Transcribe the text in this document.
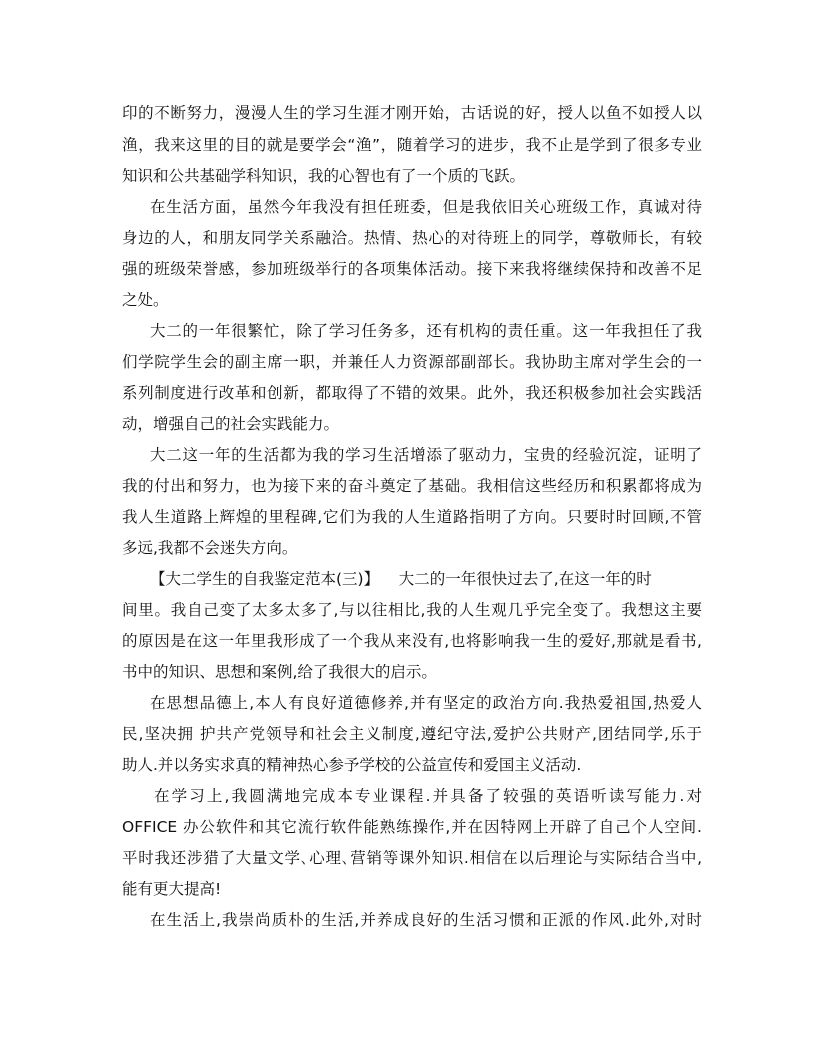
印的不断努力，漫漫人生的学习生涯才刚开始，古话说的好，授人以鱼不如授人以
渔，我来这里的目的就是要学会“渔”，随着学习的进步，我不止是学到了很多专业
知识和公共基础学科知识，我的心智也有了一个质的飞跃。
在生活方面，虽然今年我没有担任班委，但是我依旧关心班级工作，真诚对待
身边的人，和朋友同学关系融洽。热情、热心的对待班上的同学，尊敬师长，有较
强的班级荣誉感，参加班级举行的各项集体活动。接下来我将继续保持和改善不足
之处。
大二的一年很繁忙，除了学习任务多，还有机构的责任重。这一年我担任了我
们学院学生会的副主席一职，并兼任人力资源部副部长。我协助主席对学生会的一
系列制度进行改革和创新，都取得了不错的效果。此外，我还积极参加社会实践活
动，增强自己的社会实践能力。
大二这一年的生活都为我的学习生活增添了驱动力，宝贵的经验沉淀，证明了
我的付出和努力，也为接下来的奋斗奠定了基础。我相信这些经历和积累都将成为
我人生道路上辉煌的里程碑,它们为我的人生道路指明了方向。只要时时回顾,不管
多远,我都不会迷失方向。
【大二学生的自我鉴定范本(三)】    大二的一年很快过去了,在这一年的时
间里。我自己变了太多太多了,与以往相比,我的人生观几乎完全变了。我想这主要
的原因是在这一年里我形成了一个我从来没有,也将影响我一生的爱好,那就是看书,
书中的知识、思想和案例,给了我很大的启示。
在思想品德上,本人有良好道德修养,并有坚定的政治方向.我热爱祖国,热爱人
民,坚决拥 护共产党领导和社会主义制度,遵纪守法,爱护公共财产,团结同学,乐于
助人.并以务实求真的精神热心参予学校的公益宣传和爱国主义活动.
在学习上,我圆满地完成本专业课程.并具备了较强的英语听读写能力.对
OFFICE 办公软件和其它流行软件能熟练操作,并在因特网上开辟了自己个人空间.
平时我还涉猎了大量文学､心理､营销等课外知识.相信在以后理论与实际结合当中,
能有更大提高!
在生活上,我崇尚质朴的生活,并养成良好的生活习惯和正派的作风.此外,对时
